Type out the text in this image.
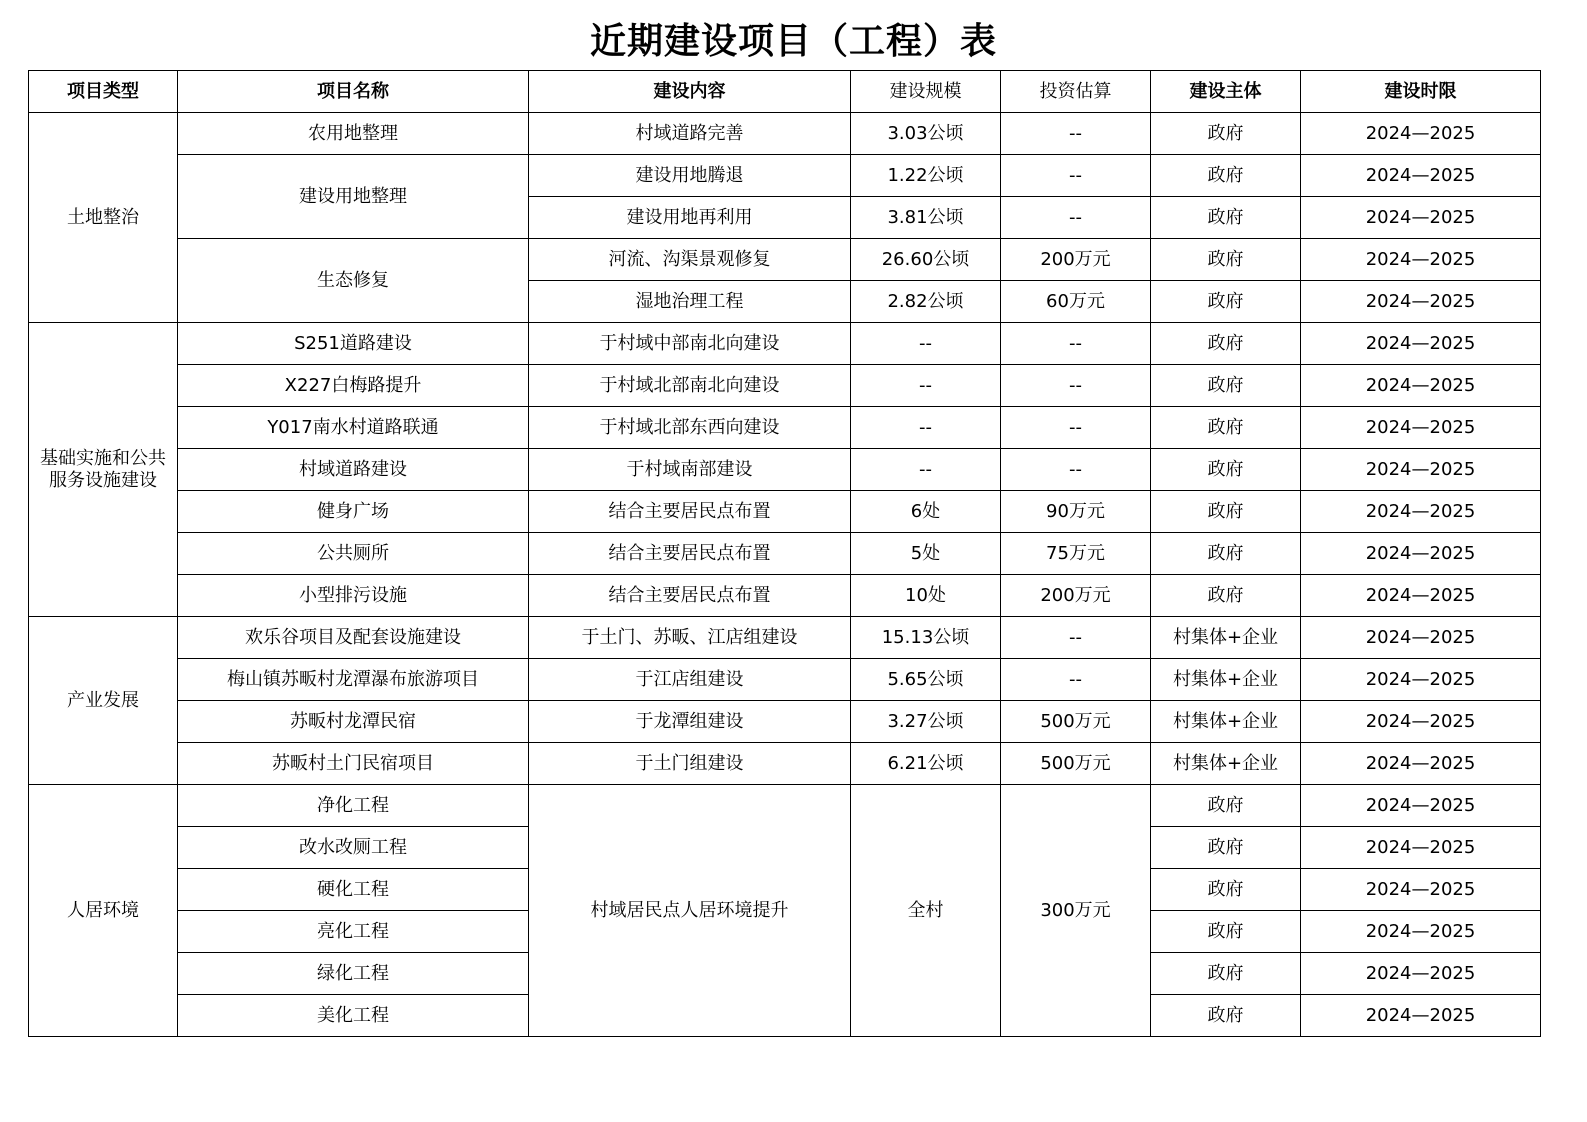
近期建设项目（工程）表
项目类型	项目名称	建设内容	建设规模	投资估算	建设主体	建设时限
土地整治	农用地整理	村域道路完善	3.03公顷	--	政府	2024—2025
	建设用地整理	建设用地腾退	1.22公顷	--	政府	2024—2025
		建设用地再利用	3.81公顷	--	政府	2024—2025
	生态修复	河流、沟渠景观修复	26.60公顷	200万元	政府	2024—2025
		湿地治理工程	2.82公顷	60万元	政府	2024—2025
基础实施和公共服务设施建设	S251道路建设	于村域中部南北向建设	--	--	政府	2024—2025
	X227白梅路提升	于村域北部南北向建设	--	--	政府	2024—2025
	Y017南水村道路联通	于村域北部东西向建设	--	--	政府	2024—2025
	村域道路建设	于村域南部建设	--	--	政府	2024—2025
	健身广场	结合主要居民点布置	6处	90万元	政府	2024—2025
	公共厕所	结合主要居民点布置	5处	75万元	政府	2024—2025
	小型排污设施	结合主要居民点布置	10处	200万元	政府	2024—2025
产业发展	欢乐谷项目及配套设施建设	于土门、苏畈、江店组建设	15.13公顷	--	村集体+企业	2024—2025
	梅山镇苏畈村龙潭瀑布旅游项目	于江店组建设	5.65公顷	--	村集体+企业	2024—2025
	苏畈村龙潭民宿	于龙潭组建设	3.27公顷	500万元	村集体+企业	2024—2025
	苏畈村土门民宿项目	于土门组建设	6.21公顷	500万元	村集体+企业	2024—2025
人居环境	净化工程	村域居民点人居环境提升	全村	300万元	政府	2024—2025
	改水改厕工程				政府	2024—2025
	硬化工程				政府	2024—2025
	亮化工程				政府	2024—2025
	绿化工程				政府	2024—2025
	美化工程				政府	2024—2025
